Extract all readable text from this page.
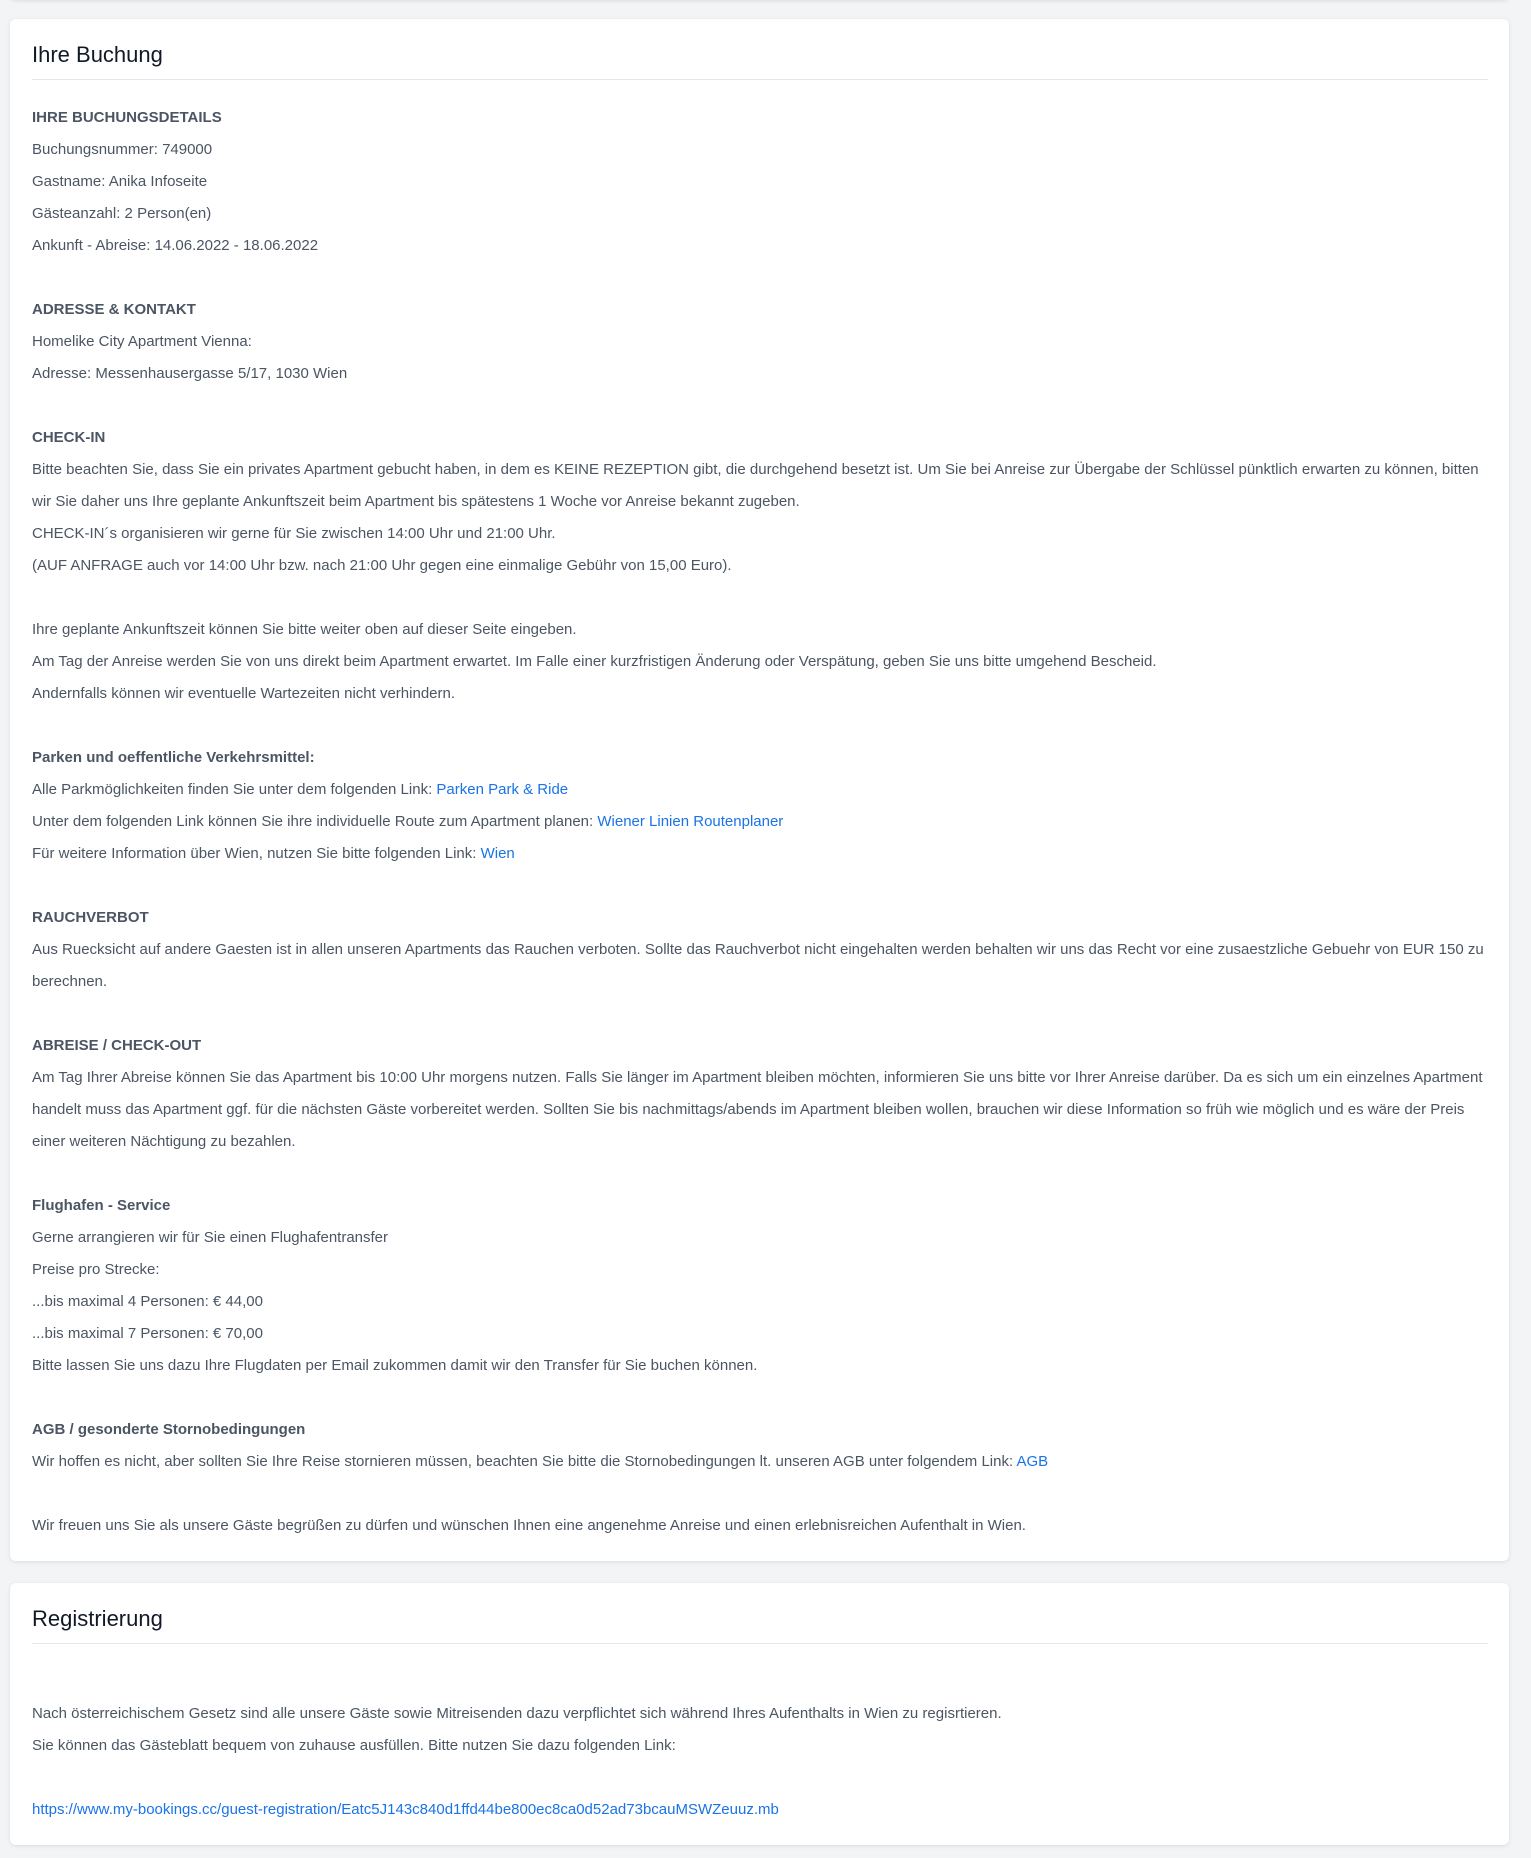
Ihre Buchung
IHRE BUCHUNGSDETAILS
Buchungsnummer: 749000
Gastname: Anika Infoseite
Gästeanzahl: 2 Person(en)
Ankunft - Abreise: 14.06.2022 - 18.06.2022
ADRESSE & KONTAKT
Homelike City Apartment Vienna:
Adresse: Messenhausergasse 5/17, 1030 Wien
CHECK-IN
Bitte beachten Sie, dass Sie ein privates Apartment gebucht haben, in dem es KEINE REZEPTION gibt, die durchgehend besetzt ist. Um Sie bei Anreise zur Übergabe der Schlüssel pünktlich erwarten zu können, bitten wir Sie daher uns Ihre geplante Ankunftszeit beim Apartment bis spätestens 1 Woche vor Anreise bekannt zugeben.
CHECK-IN´s organisieren wir gerne für Sie zwischen 14:00 Uhr und 21:00 Uhr.
(AUF ANFRAGE auch vor 14:00 Uhr bzw. nach 21:00 Uhr gegen eine einmalige Gebühr von 15,00 Euro).
Ihre geplante Ankunftszeit können Sie bitte weiter oben auf dieser Seite eingeben.
Am Tag der Anreise werden Sie von uns direkt beim Apartment erwartet. Im Falle einer kurzfristigen Änderung oder Verspätung, geben Sie uns bitte umgehend Bescheid.
Andernfalls können wir eventuelle Wartezeiten nicht verhindern.
Parken und oeffentliche Verkehrsmittel:
Alle Parkmöglichkeiten finden Sie unter dem folgenden Link: Parken Park & Ride
Unter dem folgenden Link können Sie ihre individuelle Route zum Apartment planen: Wiener Linien Routenplaner
Für weitere Information über Wien, nutzen Sie bitte folgenden Link: Wien
RAUCHVERBOT
Aus Ruecksicht auf andere Gaesten ist in allen unseren Apartments das Rauchen verboten. Sollte das Rauchverbot nicht eingehalten werden behalten wir uns das Recht vor eine zusaestzliche Gebuehr von EUR 150 zu berechnen.
ABREISE / CHECK-OUT
Am Tag Ihrer Abreise können Sie das Apartment bis 10:00 Uhr morgens nutzen. Falls Sie länger im Apartment bleiben möchten, informieren Sie uns bitte vor Ihrer Anreise darüber. Da es sich um ein einzelnes Apartment handelt muss das Apartment ggf. für die nächsten Gäste vorbereitet werden. Sollten Sie bis nachmittags/abends im Apartment bleiben wollen, brauchen wir diese Information so früh wie möglich und es wäre der Preis einer weiteren Nächtigung zu bezahlen.
Flughafen - Service
Gerne arrangieren wir für Sie einen Flughafentransfer
Preise pro Strecke:
...bis maximal 4 Personen: € 44,00
...bis maximal 7 Personen: € 70,00
Bitte lassen Sie uns dazu Ihre Flugdaten per Email zukommen damit wir den Transfer für Sie buchen können.
AGB / gesonderte Stornobedingungen
Wir hoffen es nicht, aber sollten Sie Ihre Reise stornieren müssen, beachten Sie bitte die Stornobedingungen lt. unseren AGB unter folgendem Link: AGB
Wir freuen uns Sie als unsere Gäste begrüßen zu dürfen und wünschen Ihnen eine angenehme Anreise und einen erlebnisreichen Aufenthalt in Wien.
Registrierung
Nach österreichischem Gesetz sind alle unsere Gäste sowie Mitreisenden dazu verpflichtet sich während Ihres Aufenthalts in Wien zu regisrtieren.
Sie können das Gästeblatt bequem von zuhause ausfüllen. Bitte nutzen Sie dazu folgenden Link:
https://www.my-bookings.cc/guest-registration/Eatc5J143c840d1ffd44be800ec8ca0d52ad73bcauMSWZeuuz.mb
